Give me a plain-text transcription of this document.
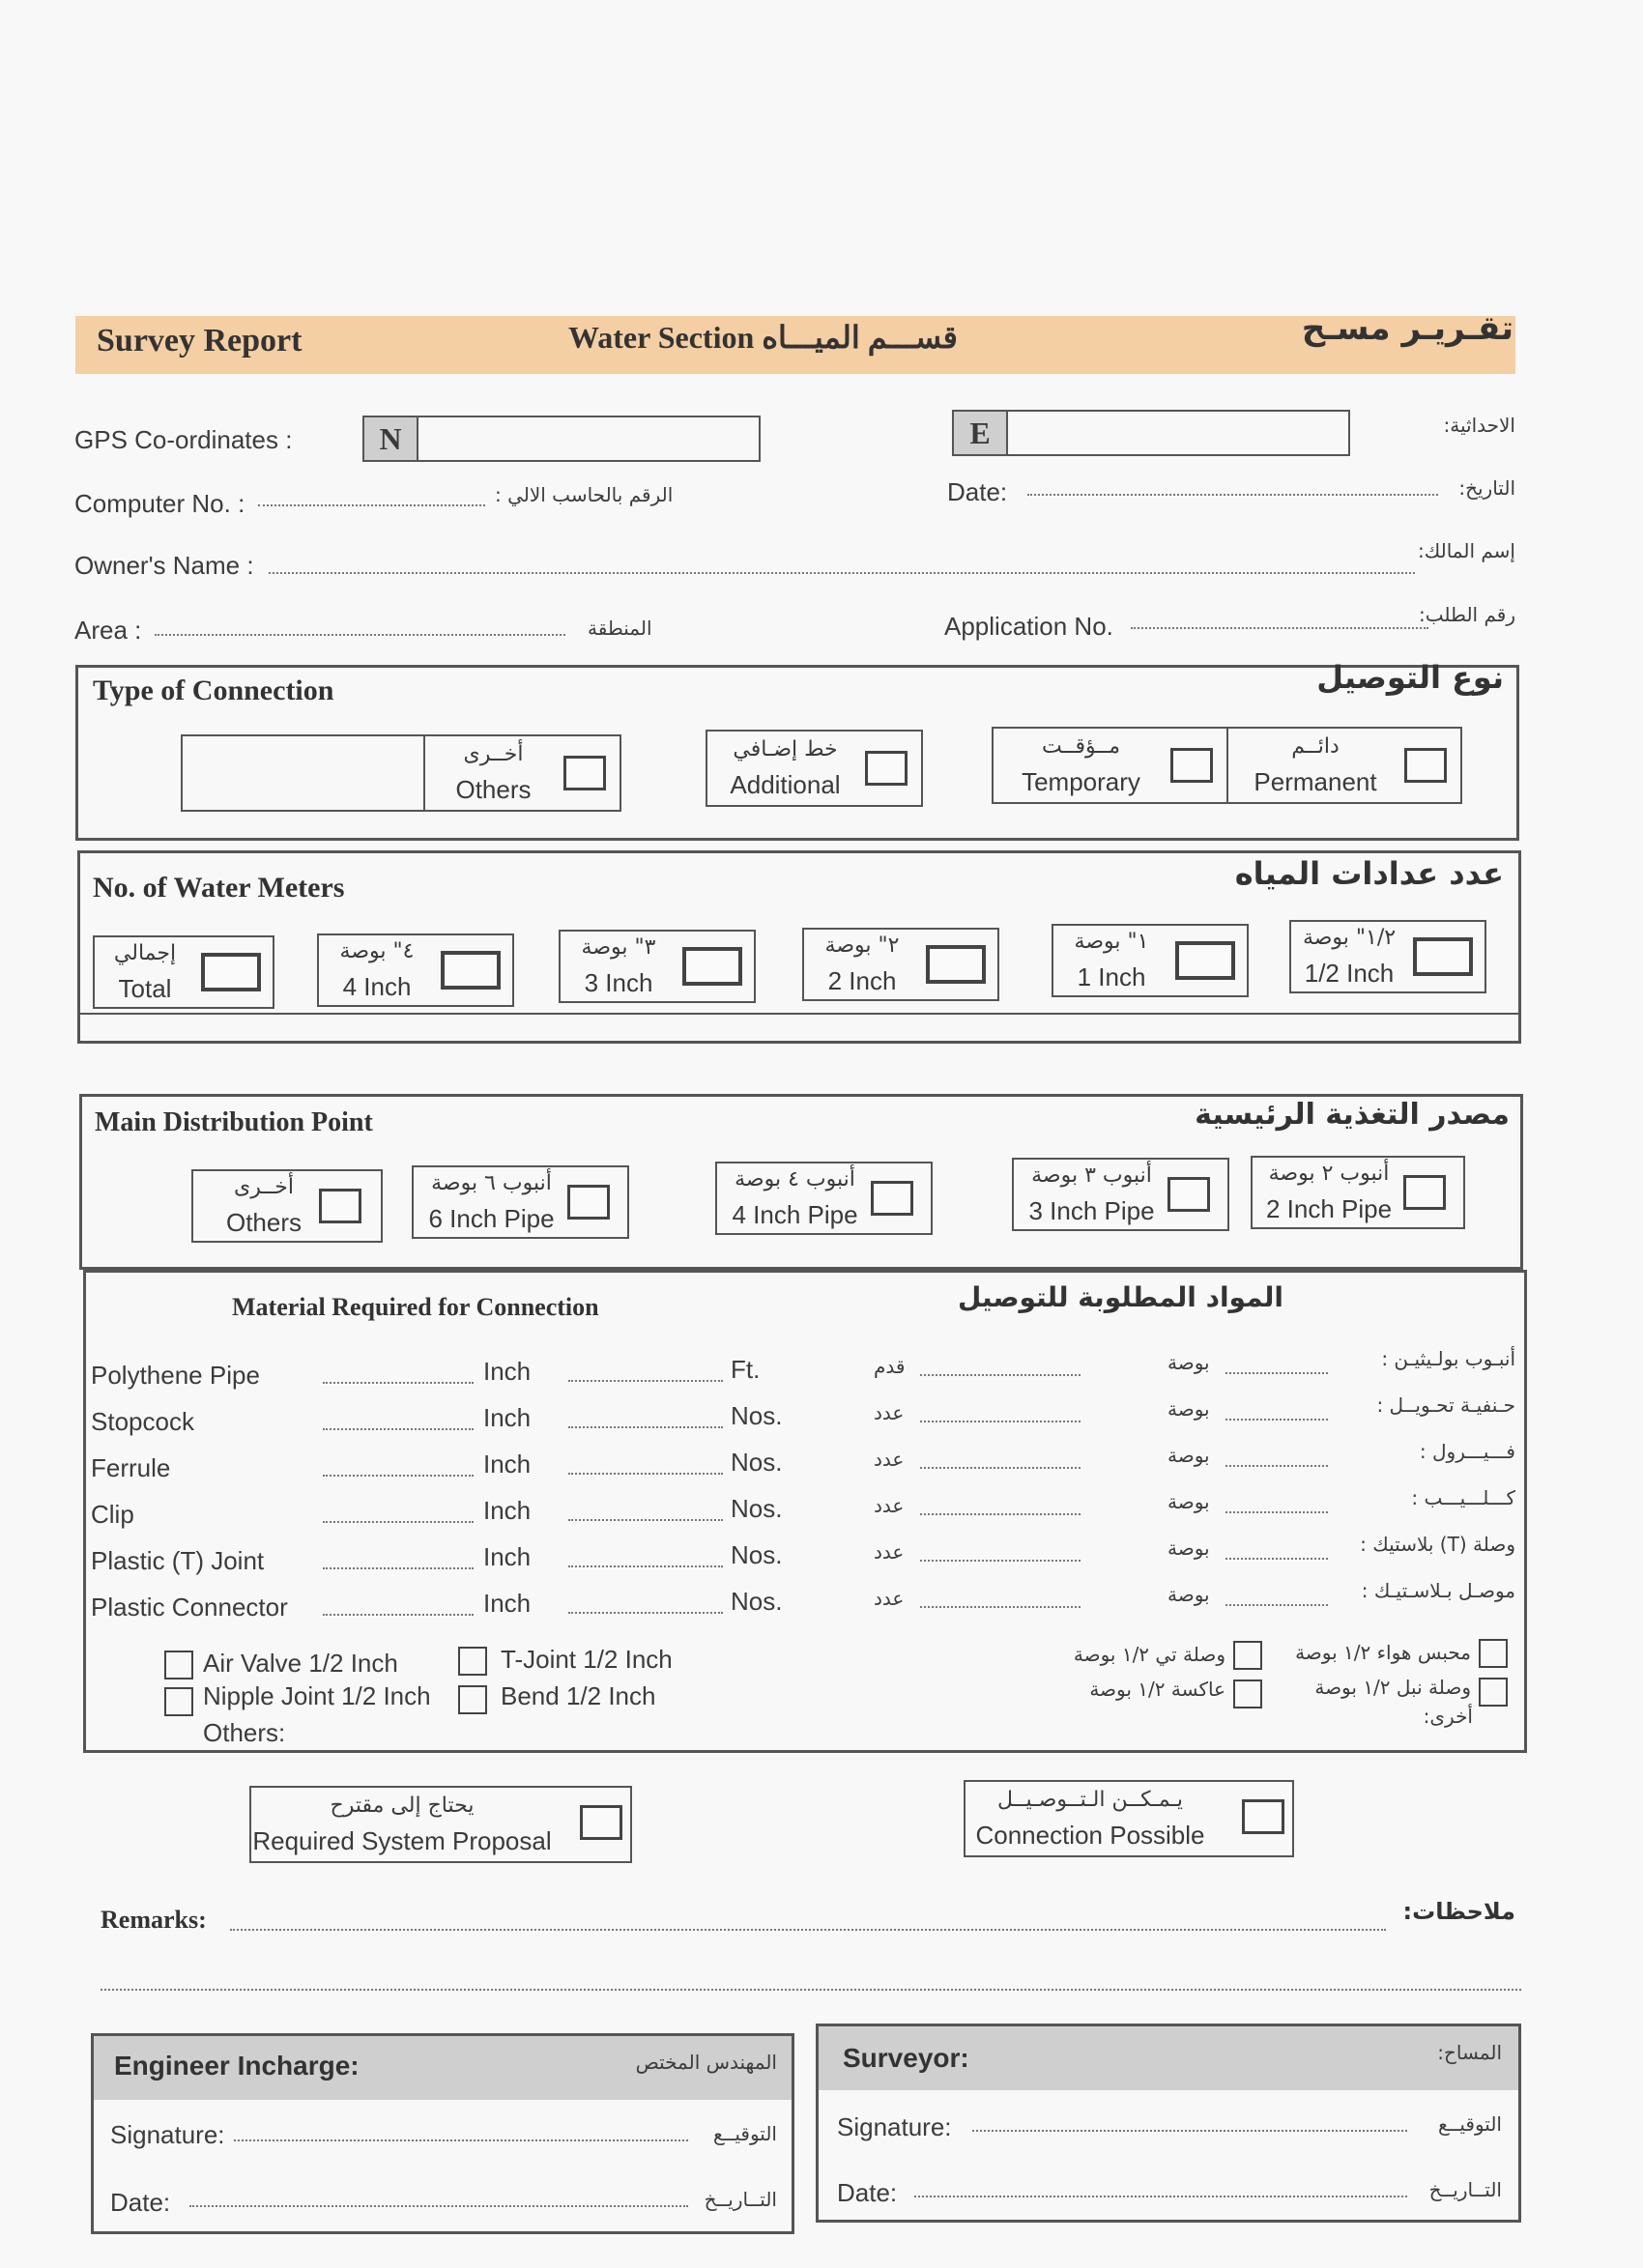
Survey Report	Water Section قســـم الميـــاه	تقـريـر مسـح
GPS Co-ordinates :	N	E	الاحداثية:
Computer No. :	الرقم بالحاسب الالي :	Date:	التاريخ:
Owner's Name :	إسم المالك:
Area :	المنطقة	Application No.	رقم الطلب:
Type of Connection	نوع التوصيل
أخــرى
Others
خط إضـافي
Additional
مــؤقــت
Temporary
دائــم
Permanent
No. of Water Meters	عدد عدادات المياه
إجمالي
Total
٤" بوصة
4 Inch
٣" بوصة
3 Inch
٢" بوصة
2 Inch
١" بوصة
1 Inch
١/٢" بوصة
1/2 Inch
Main Distribution Point	مصدر التغذية الرئيسية
أخــرى
Others
أنبوب ٦ بوصة
6 Inch Pipe
أنبوب ٤ بوصة
4 Inch Pipe
أنبوب ٣ بوصة
3 Inch Pipe
أنبوب ٢ بوصة
2 Inch Pipe
Material Required for Connection	المواد المطلوبة للتوصيل
Polythene Pipe	Inch	Ft.	قدم	بوصة	أنبـوب بولـيثيـن :
Stopcock	Inch	Nos.	عدد	بوصة	حـنفيـة تحـويــل :
Ferrule	Inch	Nos.	عدد	بوصة	فـــيـــرول :
Clip	Inch	Nos.	عدد	بوصة	كـــلـــيـــب :
Plastic (T) Joint	Inch	Nos.	عدد	بوصة	وصلة (T) بلاستيك :
Plastic Connector	Inch	Nos.	عدد	بوصة	موصـل بـلاسـتيـك :
Air Valve 1/2 Inch	T-Joint 1/2 Inch
Nipple Joint 1/2 Inch	Bend 1/2 Inch
Others:
محبس هواء ١/٢ بوصة
وصلة تي ١/٢ بوصة
وصلة نبل ١/٢ بوصة
عاكسة ١/٢ بوصة
أخرى:
يحتاج إلى مقترح
Required System Proposal
يـمـكــن الـتــوصـيــل
Connection Possible
Remarks:	ملاحظات:
Engineer Incharge:	المهندس المختص
Signature:	التوقيــع
Date:	التــاريــخ
Surveyor:	المساح:
Signature:	التوقيــع
Date:	التــاريــخ
